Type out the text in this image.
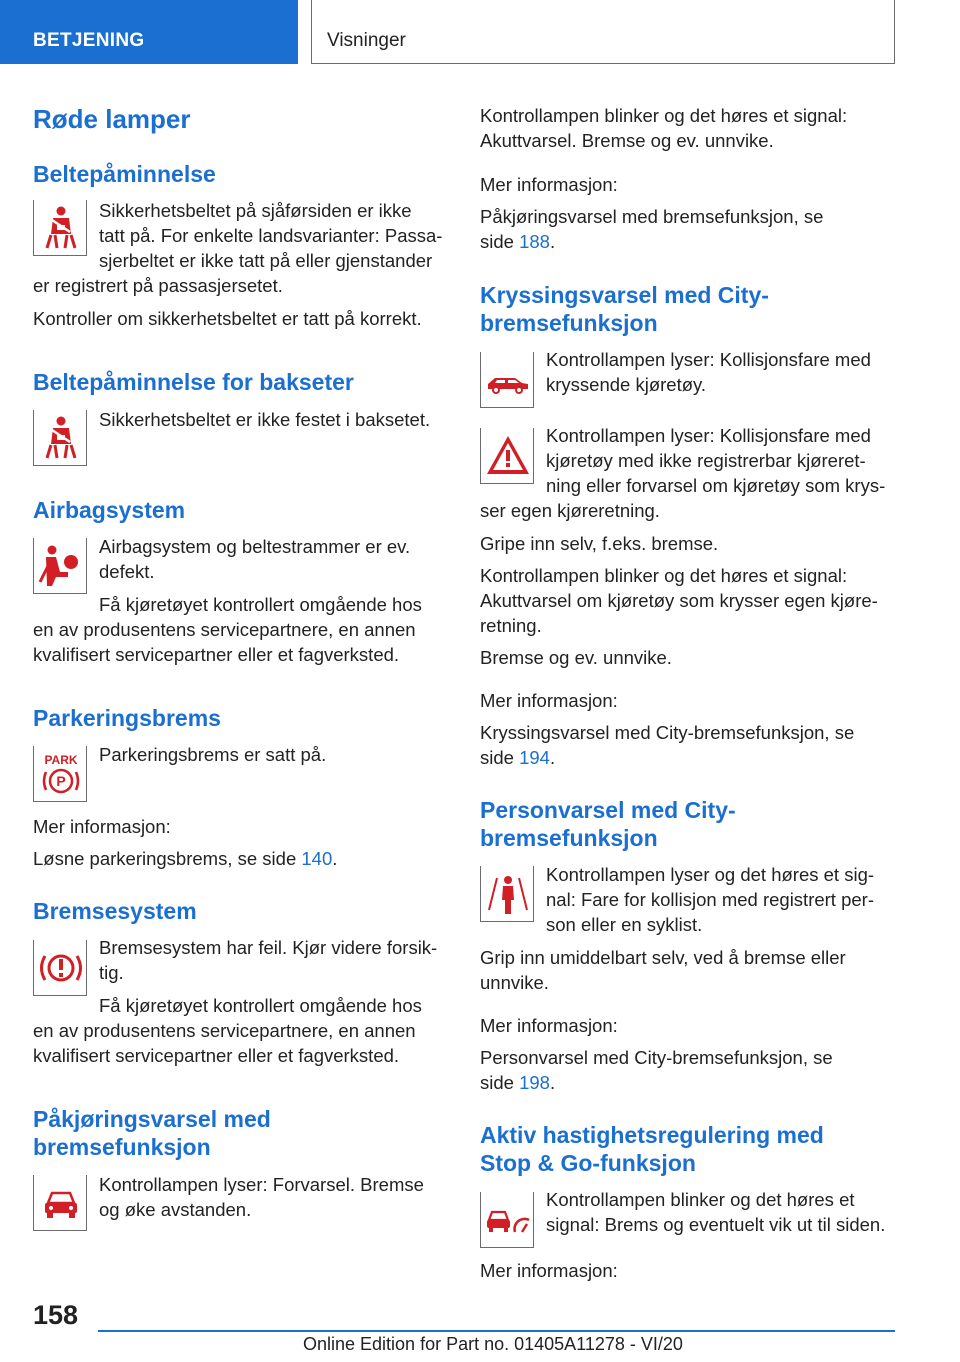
BETJENING	Visninger
Røde lamper
Beltepåminnelse

Sikkerhetsbeltet på sjåførsiden er ikke

tatt på. For enkelte landsvarianter: Passa-

sjerbeltet er ikke tatt på eller gjenstander

er registrert på passasjersetet.

Kontroller om sikkerhetsbeltet er tatt på korrekt.

Beltepåminnelse for bakseter

Sikkerhetsbeltet er ikke festet i baksetet.

Airbagsystem

Airbagsystem og beltestrammer er ev.

defekt.

Få kjøretøyet kontrollert omgående hos

en av produsentens servicepartnere, en annen

kvalifisert servicepartner eller et fagverksted.

Parkeringsbrems
PARK
P

Parkeringsbrems er satt på.

Mer informasjon:

Løsne parkeringsbrems, se side 140.

Bremsesystem

Bremsesystem har feil. Kjør videre forsik-

tig.

Få kjøretøyet kontrollert omgående hos

en av produsentens servicepartnere, en annen

kvalifisert servicepartner eller et fagverksted.

Påkjøringsvarsel med
bremsefunksjon

Kontrollampen lyser: Forvarsel. Bremse

og øke avstanden.

Kontrollampen blinker og det høres et signal:

Akuttvarsel. Bremse og ev. unnvike.

Mer informasjon:

Påkjøringsvarsel med bremsefunksjon, se

side 188.

Kryssingsvarsel med City-
bremsefunksjon

Kontrollampen lyser: Kollisjonsfare med

kryssende kjøretøy.

Kontrollampen lyser: Kollisjonsfare med

kjøretøy med ikke registrerbar kjøreret-

ning eller forvarsel om kjøretøy som krys-

ser egen kjøreretning.

Gripe inn selv, f.eks. bremse.

Kontrollampen blinker og det høres et signal:

Akuttvarsel om kjøretøy som krysser egen kjøre-

retning.

Bremse og ev. unnvike.

Mer informasjon:

Kryssingsvarsel med City-bremsefunksjon, se

side 194.

Personvarsel med City-
bremsefunksjon

Kontrollampen lyser og det høres et sig-

nal: Fare for kollisjon med registrert per-

son eller en syklist.

Grip inn umiddelbart selv, ved å bremse eller

unnvike.

Mer informasjon:

Personvarsel med City-bremsefunksjon, se

side 198.

Aktiv hastighetsregulering med
Stop & Go-funksjon

Kontrollampen blinker og det høres et

signal: Brems og eventuelt vik ut til siden.

Mer informasjon:

158
Online Edition for Part no. 01405A11278 - VI/20
